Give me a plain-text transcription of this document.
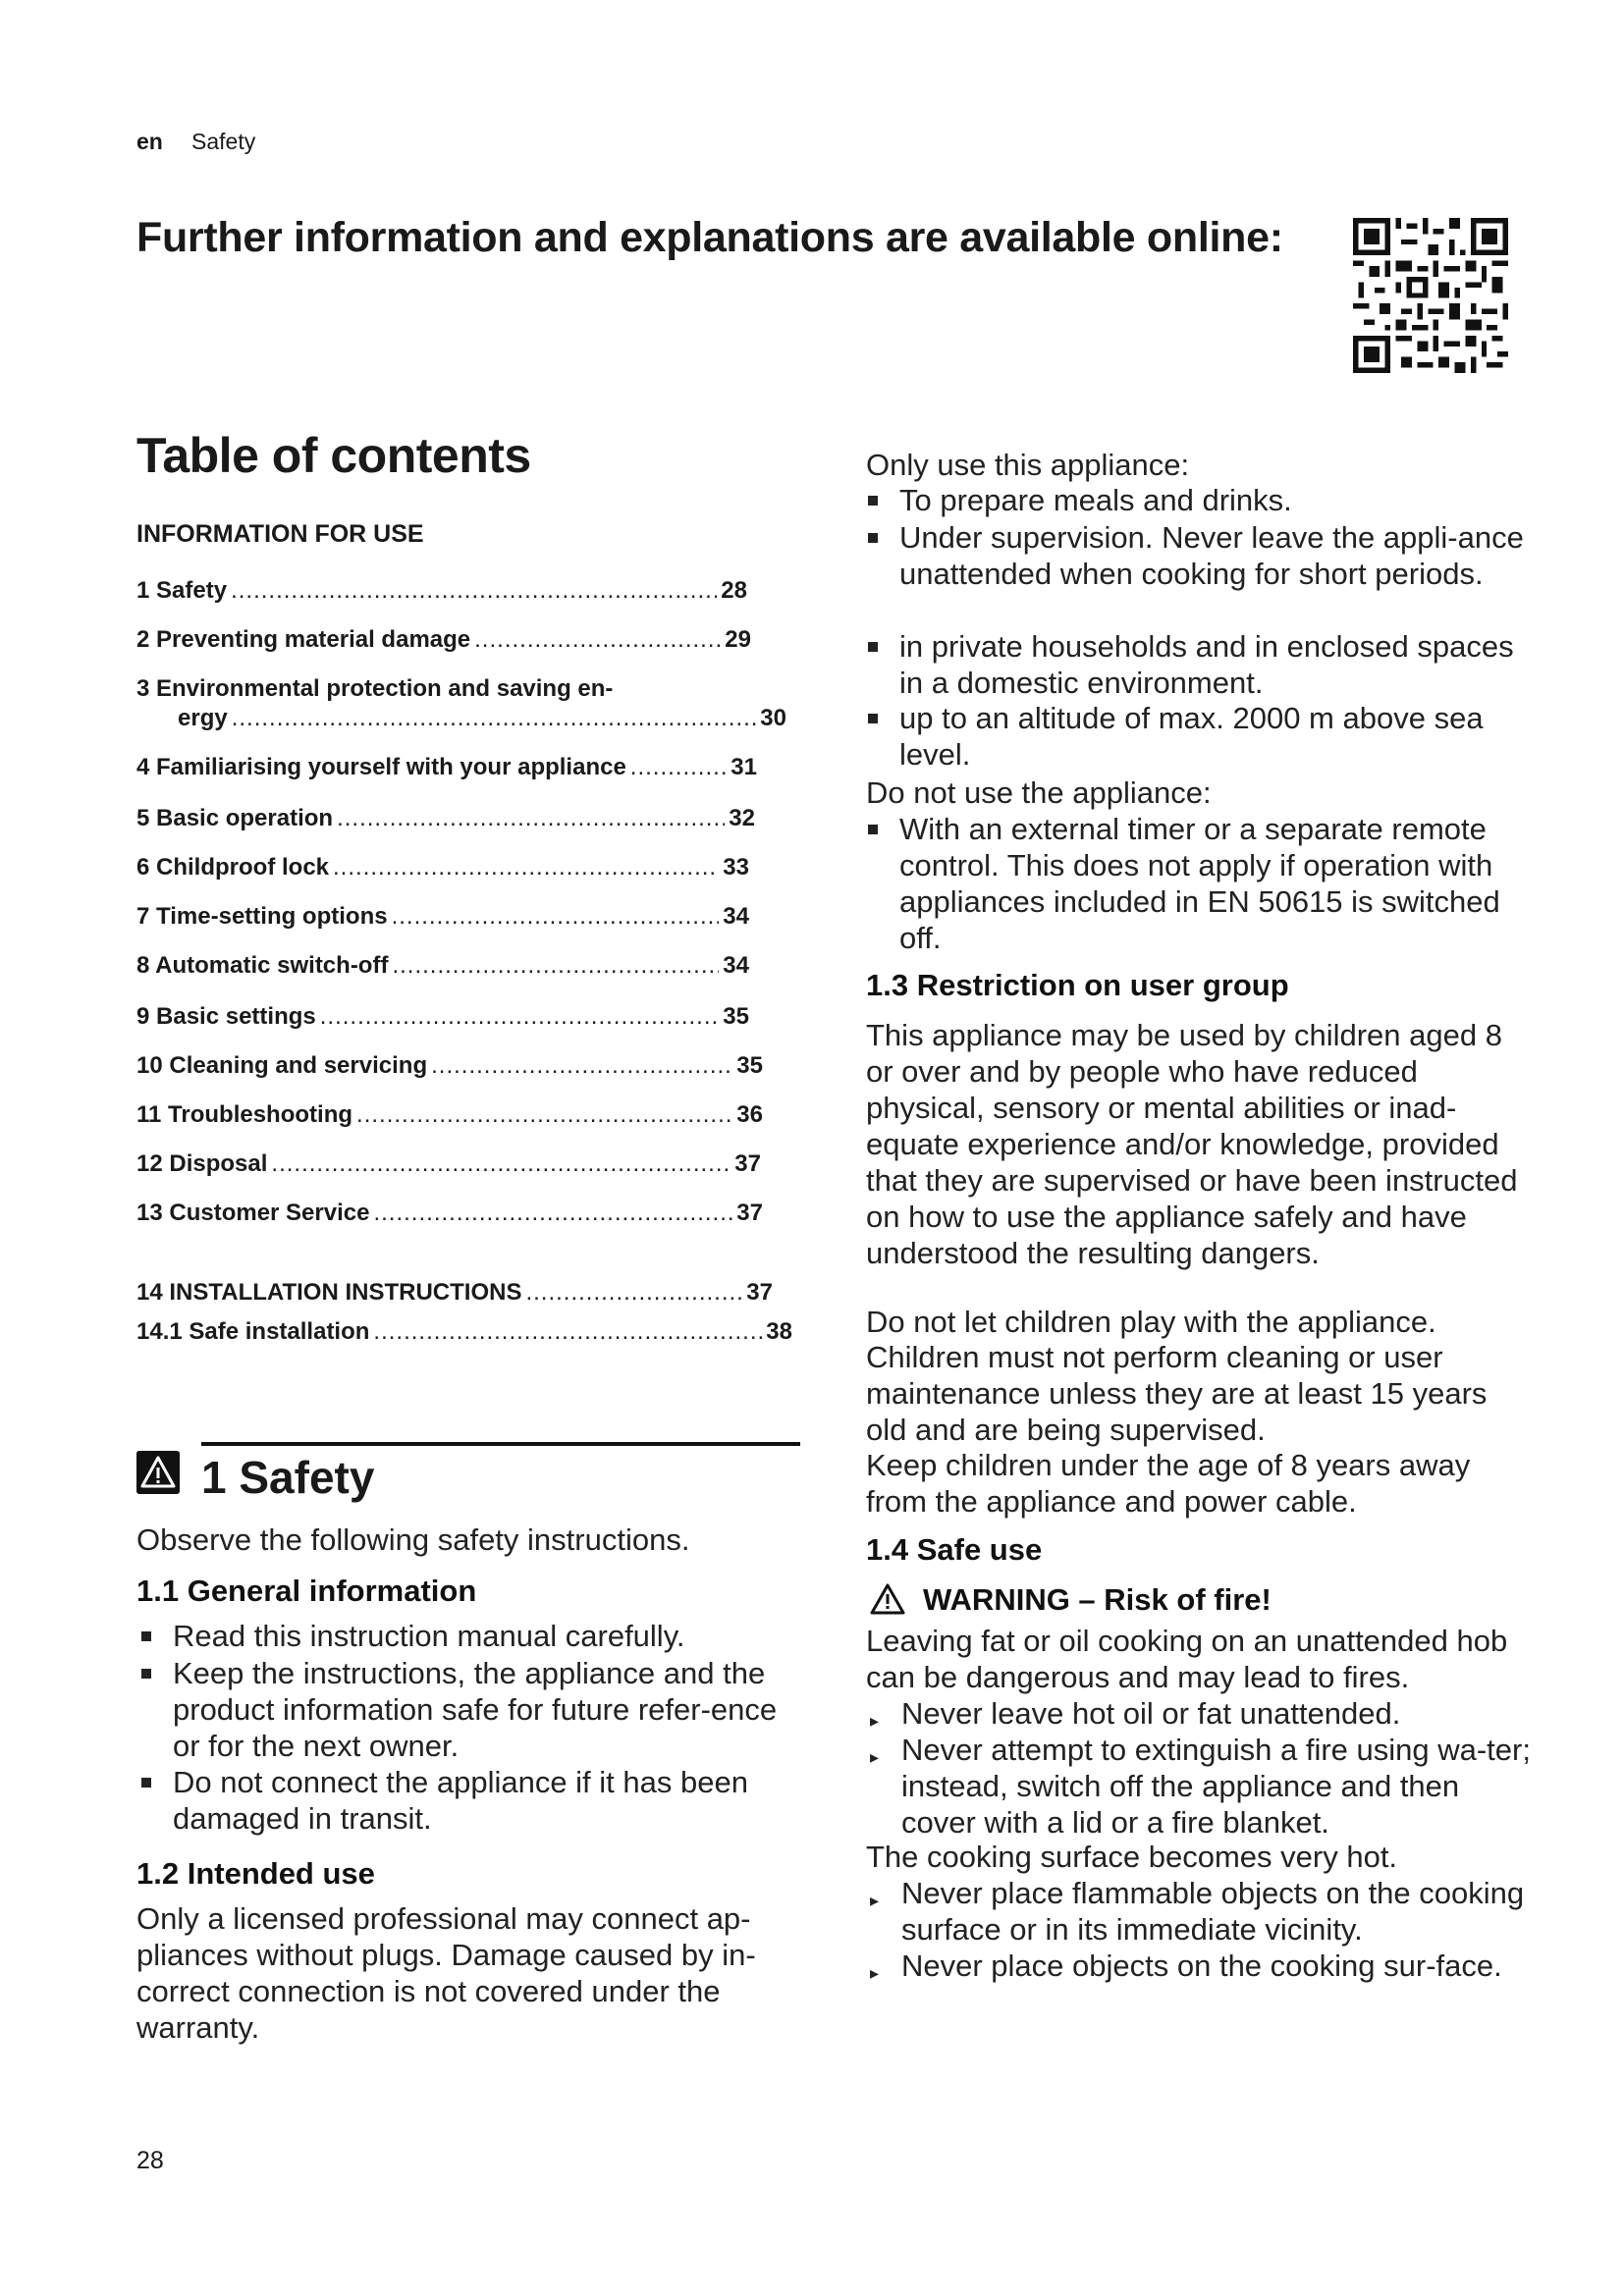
en Safety
Further information and explanations are available online:
Table of contents
INFORMATION FOR USE
1 Safety .....	28
2 Preventing material damage .....	29
3 Environmental protection and saving en-
ergy .....	30
4 Familiarising yourself with your appliance .....	31
5 Basic operation .....	32
6 Childproof lock .....	33
7 Time-setting options .....	34
8 Automatic switch-off .....	34
9 Basic settings .....	35
10 Cleaning and servicing .....	35
11 Troubleshooting .....	36
12 Disposal .....	37
13 Customer Service .....	37
14 INSTALLATION INSTRUCTIONS .....	37
14.1 Safe installation .....	38
1 Safety
Observe the following safety instructions.
1.1 General information
Read this instruction manual carefully.
Keep the instructions, the appliance and the product information safe for future refer-ence or for the next owner.
Do not connect the appliance if it has been damaged in transit.
1.2 Intended use
Only a licensed professional may connect ap-pliances without plugs. Damage caused by in-correct connection is not covered under the warranty.
Only use this appliance:
To prepare meals and drinks.
Under supervision. Never leave the appli-ance unattended when cooking for short periods.
in private households and in enclosed spaces in a domestic environment.
up to an altitude of max. 2000 m above sea level.
Do not use the appliance:
With an external timer or a separate remote control. This does not apply if operation with appliances included in EN 50615 is switched off.
1.3 Restriction on user group
This appliance may be used by children aged 8 or over and by people who have reduced physical, sensory or mental abilities or inad-equate experience and/or knowledge, provided that they are supervised or have been instructed on how to use the appliance safely and have understood the resulting dangers.
Do not let children play with the appliance.
Children must not perform cleaning or user maintenance unless they are at least 15 years old and are being supervised.
Keep children under the age of 8 years away from the appliance and power cable.
1.4 Safe use
WARNING – Risk of fire!
Leaving fat or oil cooking on an unattended hob can be dangerous and may lead to fires.
▸ Never leave hot oil or fat unattended.
▸ Never attempt to extinguish a fire using wa-ter; instead, switch off the appliance and then cover with a lid or a fire blanket.
The cooking surface becomes very hot.
▸ Never place flammable objects on the cooking surface or in its immediate vicinity.
▸ Never place objects on the cooking sur-face.
28
